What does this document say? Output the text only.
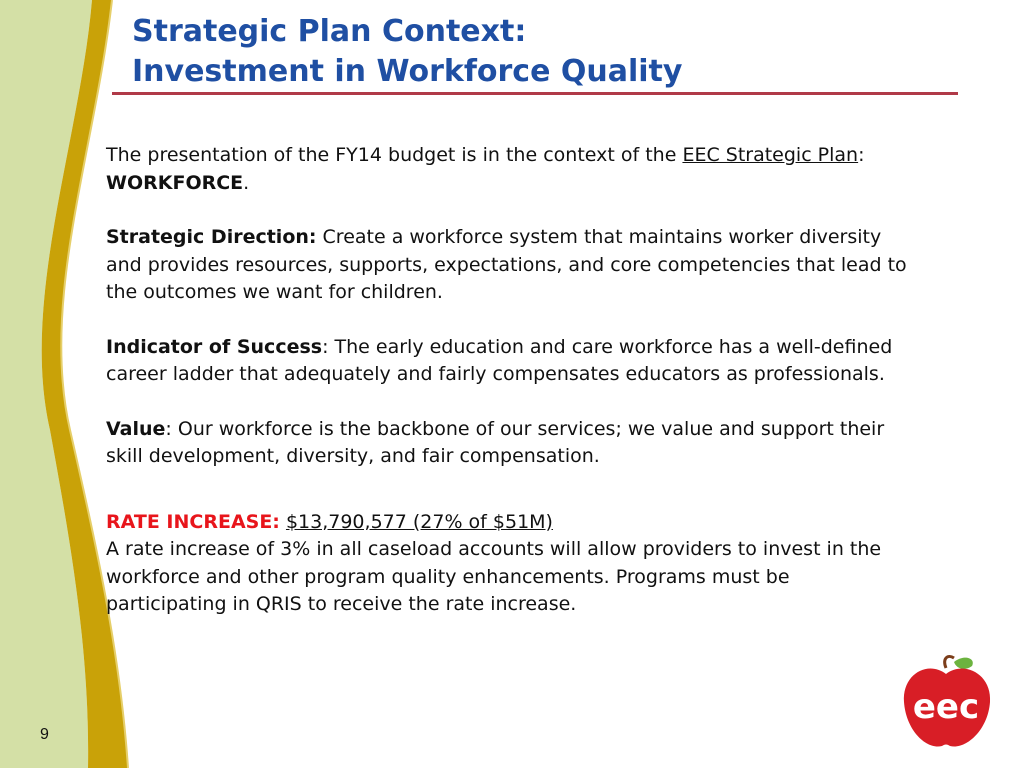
Strategic Plan Context:
Investment in Workforce Quality

The presentation of the FY14 budget is in the context of the EEC Strategic Plan: WORKFORCE.

Strategic Direction: Create a workforce system that maintains worker diversity and provides resources, supports, expectations, and core competencies that lead to the outcomes we want for children.

Indicator of Success: The early education and care workforce has a well-defined career ladder that adequately and fairly compensates educators as professionals.

Value: Our workforce is the backbone of our services; we value and support their skill development, diversity, and fair compensation.

RATE INCREASE: $13,790,577 (27% of $51M)

A rate increase of 3% in all caseload accounts will allow providers to invest in the workforce and other program quality enhancements. Programs must be participating in QRIS to receive the rate increase.

9
eec
